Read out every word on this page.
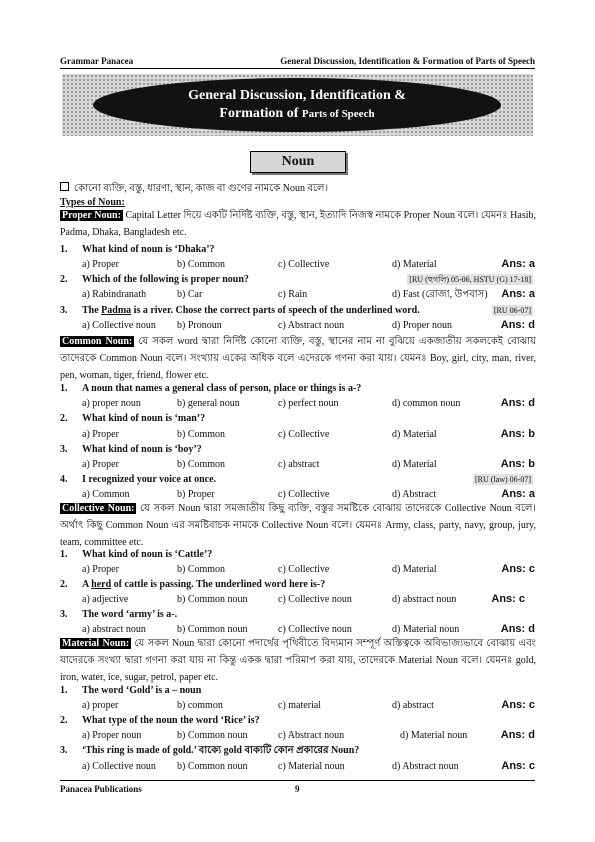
Grammar Panacea	General Discussion, Identification & Formation of Parts of Speech
General Discussion, Identification &
Formation of Parts of Speech
Noun
কোনো ব্যক্তি, বস্তু, ধারণা, স্থান, কাজ বা গুণের নামকে Noun বলে।
Types of Noun:
Proper Noun: Capital Letter দিয়ে একটি নির্দিষ্ট ব্যক্তি, বস্তু, স্থান, ইত্যাদি নিজস্ব নামকে Proper Noun বলে। যেমনঃ Hasib, Padma, Dhaka, Bangladesh etc.
1. What kind of noun is ‘Dhaka’?
a) Proper	b) Common	c) Collective	d) Material	Ans: a
2. Which of the following is proper noun?	[RU (হুগলি) 05-06, HSTU (G) 17-18]
a) Rabindranath	b) Car	c) Rain	d) Fast (রোজা, উপবাস) Ans: a
3. The Padma is a river. Chose the correct parts of speech of the underlined word.	[RU 06-07]
a) Collective noun b) Pronoun	c) Abstract noun	d) Proper noun	Ans: d
Common Noun: যে সকল word দ্বারা নির্দিষ্ট কোনো ব্যক্তি, বস্তু, স্থানের নাম না বুঝিয়ে একজাতীয় সকলকেই বোঝায় তাদেরকে Common Noun বলে। সংখ্যায় একের অধিক বলে এদেরকে গণনা করা যায়। যেমনঃ Boy, girl, city, man, river, pen, woman, tiger, friend, flower etc.
1. A noun that names a general class of person, place or things is a-?
a) proper noun	b) general noun	c) perfect noun	d) common noun	Ans: d
2. What kind of noun is ‘man’?
a) Proper	b) Common	c) Collective	d) Material	Ans: b
3. What kind of noun is ‘boy’?
a) Proper	b) Common	c) abstract	d) Material	Ans: b
4. I recognized your voice at once.	[RU (law) 06-07]
a) Common	b) Proper	c) Collective	d) Abstract	Ans: a
Collective Noun: যে সকল Noun দ্বারা সমজাতীয় কিছু ব্যক্তি, বস্তুর সমষ্টিকে বোঝায় তাদেরকে Collective Noun বলে। অর্থাৎ কিছু Common Noun এর সমষ্টিবাচক নামকে Collective Noun বলে। যেমনঃ Army, class, party, navy, group, jury, team, committee etc.
1. What kind of noun is ‘Cattle’?
a) Proper	b) Common	c) Collective	d) Material	Ans: c
2. A herd of cattle is passing. The underlined word here is-?
a) adjective	b) Common noun	c) Collective noun	d) abstract noun	Ans: c
3. The word ‘army’ is a-.
a) abstract noun	b) Common noun	c) Collective noun	d) Material noun	Ans: d
Material Noun: যে সকল Noun দ্বারা কোনো পদার্থের পৃথিবীতে বিদ্যমান সম্পূর্ণ অস্তিত্বকে অবিভাজ্যভাবে বোঝায় এবং যাদেরকে সংখ্যা দ্বারা গণনা করা যায় না কিন্তু একক দ্বারা পরিমাপ করা যায়, তাদেরকে Material Noun বলে। যেমনঃ gold, iron, water, ice, sugar, petrol, paper etc.
1. The word ‘Gold’ is a – noun
a) proper	b) common	c) material	d) abstract	Ans: c
2. What type of the noun the word ‘Rice’ is?
a) Proper noun	b) Common noun	c) Abstract noun	d) Material noun	Ans: d
3. ‘This ring is made of gold.’ বাক্যে gold বাক্যটি কোন প্রকারের Noun?
a) Collective noun b) Common noun	c) Material noun	d) Abstract noun	Ans: c
Panacea Publications	9
